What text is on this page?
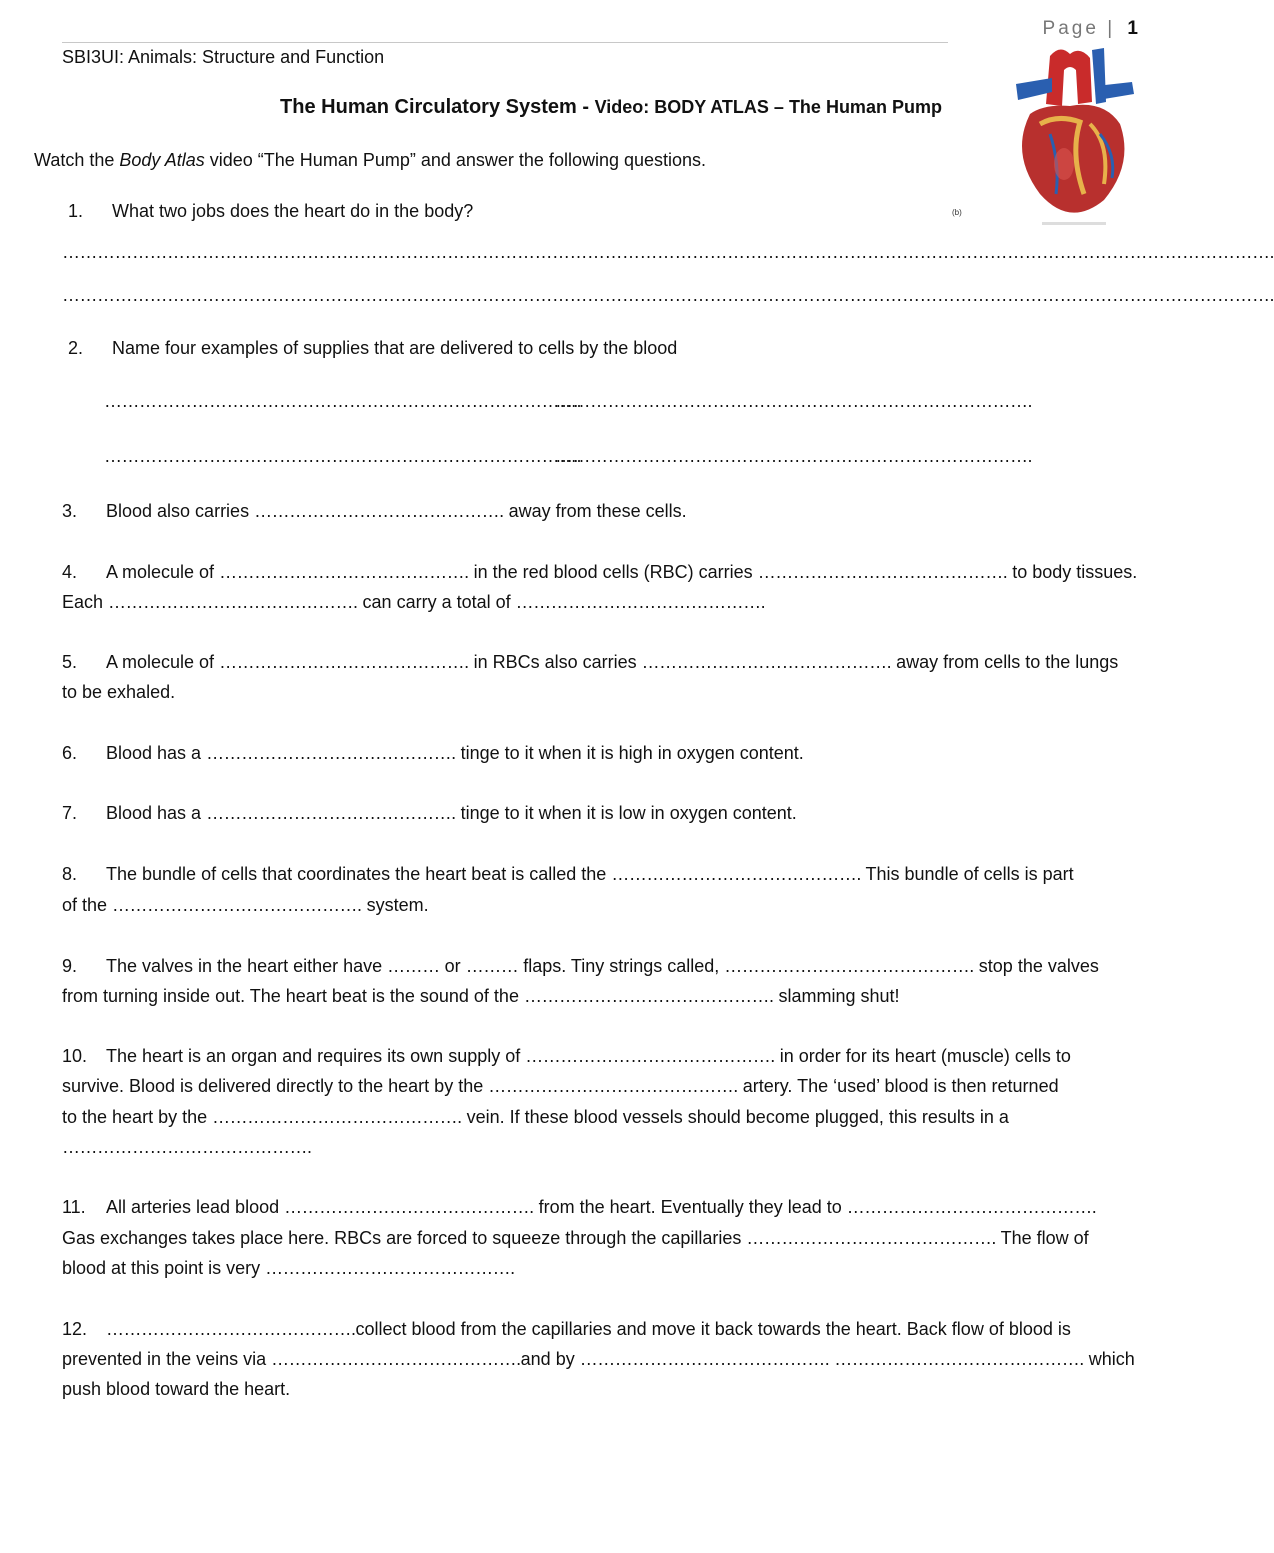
Page | 1
SBI3UI: Animals: Structure and Function
(b)
The Human Circulatory System - Video: BODY ATLAS – The Human Pump
Watch the Body Atlas video “The Human Pump” and answer the following questions.
1. What two jobs does the heart do in the body?
……………………………………………………………………………………………………………………………………………………………………………………….
……………………………………………………………………………………………………………………………………………………………………………………….
2. Name four examples of supplies that are delivered to cells by the blood
……………………………………………………………………….
……………………………………………………………………….
……………………………………………………………………….
……………………………………………………………………….
3. Blood also carries ……………………………………. away from these cells.
4. A molecule of ……………………………………. in the red blood cells (RBC) carries ……………………………………. to body tissues.
Each ……………………………………. can carry a total of …………………………………….
5. A molecule of ……………………………………. in RBCs also carries ……………………………………. away from cells to the lungs
to be exhaled.
6. Blood has a ……………………………………. tinge to it when it is high in oxygen content.
7. Blood has a ……………………………………. tinge to it when it is low in oxygen content.
8. The bundle of cells that coordinates the heart beat is called the ……………………………………. This bundle of cells is part
of the ……………………………………. system.
9. The valves in the heart either have ……… or ……… flaps. Tiny strings called, ……………………………………. stop the valves
from turning inside out. The heart beat is the sound of the ……………………………………. slamming shut!
10. The heart is an organ and requires its own supply of ……………………………………. in order for its heart (muscle) cells to
survive. Blood is delivered directly to the heart by the ……………………………………. artery. The ‘used’ blood is then returned
to the heart by the ……………………………………. vein. If these blood vessels should become plugged, this results in a
…………………………………….
11. All arteries lead blood ……………………………………. from the heart. Eventually they lead to …………………………………….
Gas exchanges takes place here. RBCs are forced to squeeze through the capillaries ……………………………………. The flow of
blood at this point is very …………………………………….
12. …………………………………….collect blood from the capillaries and move it back towards the heart. Back flow of blood is
prevented in the veins via …………………………………….and by ……………………………………. ……………………………………. which
push blood toward the heart.
